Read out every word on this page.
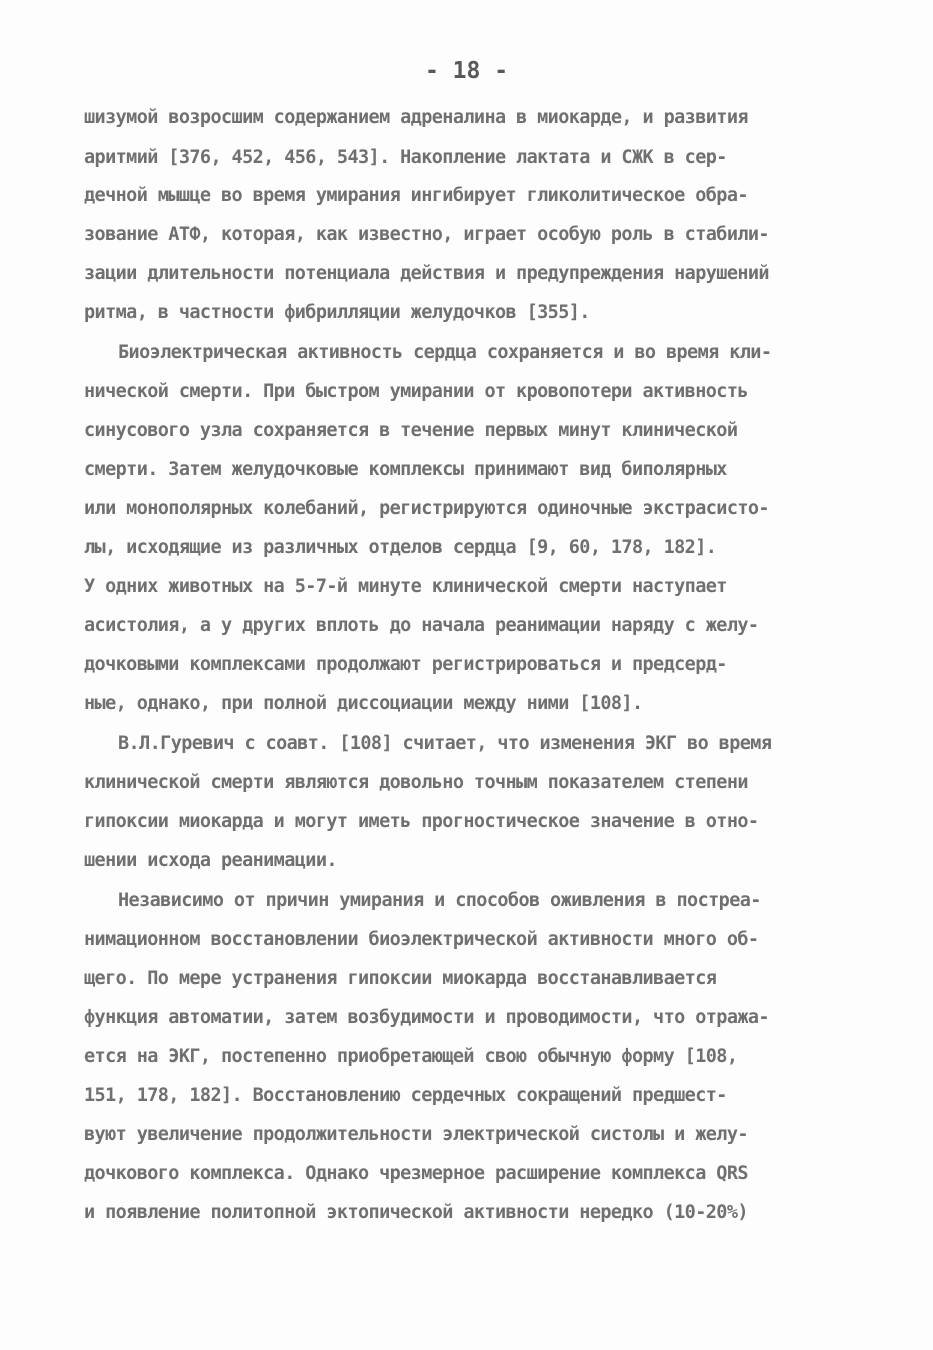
- 18 -
шизумой возросшим содержанием адреналина в миокарде, и развития
аритмий [376, 452, 456, 543]. Накопление лактата и СЖК в сер-
дечной мышце во время умирания ингибирует гликолитическое обра-
зование АТФ, которая, как известно, играет особую роль в стабили-
зации длительности потенциала действия и предупреждения нарушений
ритма, в частности фибрилляции желудочков [355].
Биоэлектрическая активность сердца сохраняется и во время кли-
нической смерти. При быстром умирании от кровопотери активность
синусового узла сохраняется в течение первых минут клинической
смерти. Затем желудочковые комплексы принимают вид биполярных
или монополярных колебаний, регистрируются одиночные экстрасисто-
лы, исходящие из различных отделов сердца [9, 60, 178, 182].
У одних животных на 5-7-й минуте клинической смерти наступает
асистолия, а у других вплоть до начала реанимации наряду с желу-
дочковыми комплексами продолжают регистрироваться и предсерд-
ные, однако, при полной диссоциации между ними [108].
В.Л.Гуревич с соавт. [108] считает, что изменения ЭКГ во время
клинической смерти являются довольно точным показателем степени
гипоксии миокарда и могут иметь прогностическое значение в отно-
шении исхода реанимации.
Независимо от причин умирания и способов оживления в постреа-
нимационном восстановлении биоэлектрической активности много об-
щего. По мере устранения гипоксии миокарда восстанавливается
функция автоматии, затем возбудимости и проводимости, что отража-
ется на ЭКГ, постепенно приобретающей свою обычную форму [108,
151, 178, 182]. Восстановлению сердечных сокращений предшест-
вуют увеличение продолжительности электрической систолы и желу-
дочкового комплекса. Однако чрезмерное расширение комплекса QRS
и появление политопной эктопической активности нередко (10-20%)
